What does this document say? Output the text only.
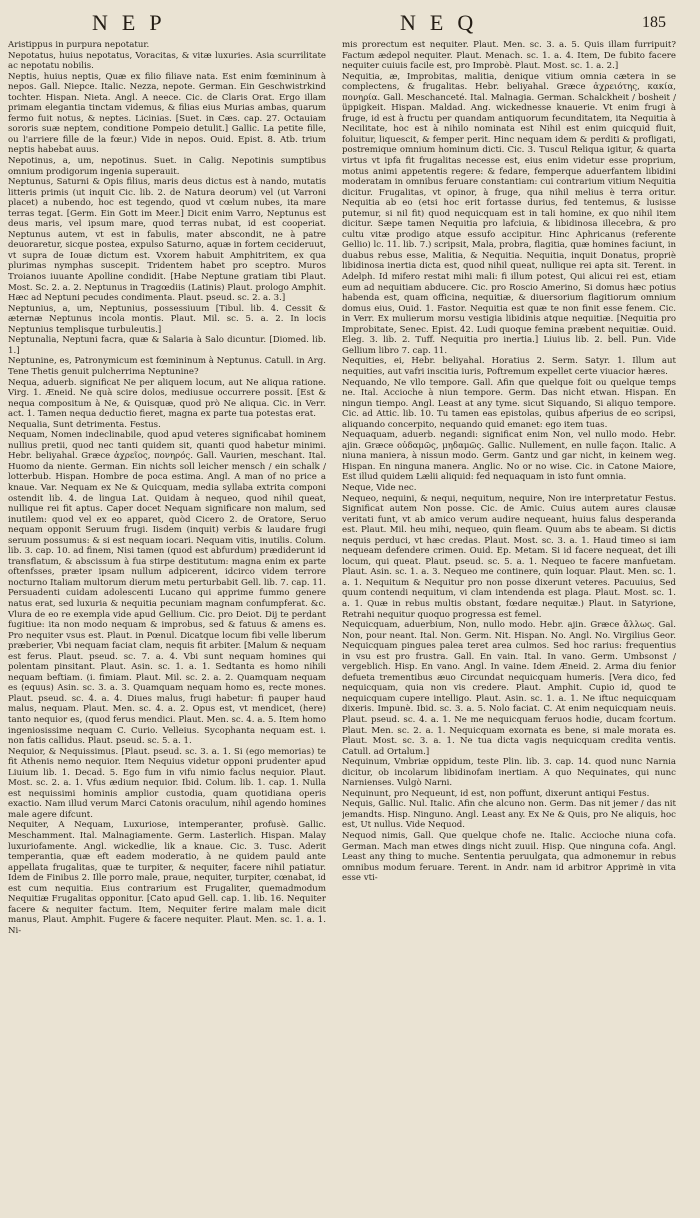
NEP	NEQ	185

Aristippus in purpura nepotatur.

Nepotatus, huius nepotatus, Voracitas, & vitæ luxuries. Asia scurrilitate ac nepotatu nobilis.

Neptis, huius neptis, Quæ ex filio filiave nata. Est enim fœmininum à nepos. Gall. Niepce. Italic. Nezza, nepote. German. Ein Geschwistrkind tochter. Hispan. Nieta. Angl. A neece. Cic. de Claris Orat. Ergo illam primam elegantia tinctam videmus, & filias eius Murias ambas, quarum fermo fuit notus, & neptes. Licinias. [Suet. in Cæs. cap. 27. Octauiam sororis suæ neptem, conditione Pompeio detulit.] Gallic. La petite fille, ou l'arriere fille de la fœur.) Vide in nepos. Ouid. Epist. 8. Atb. trium neptis habebat auus.

Nepotinus, a, um, nepotinus. Suet. in Calig. Nepotinis sumptibus omnium prodigorum ingenia superauit.

Neptunus, Saturni & Opis filius, maris deus dictus est à nando, mutatis litteris primis (ut inquit Cic. lib. 2. de Natura deorum) vel (ut Varroni placet) a nubendo, hoc est tegendo, quod vt cœlum nubes, ita mare terras tegat. [Germ. Ein Gott im Meer.] Dicit enim Varro, Neptunus est deus maris, vel ipsum mare, quod terras nubat, id est cooperiat. Neptunus autem, vt est in fabulis, mater abscondit, ne à patre deuoraretur, sicque postea, expulso Saturno, aquæ in fortem cecideruut, vt supra de Iouæ dictum est. Vxorem habuit Amphitritem, ex qua plurimas nymphas suscepit. Tridentem habet pro sceptro. Muros Troianos iuuante Apolline condidit. [Habe Neptune gratiam tibi Plaut. Most. Sc. 2. a. 2. Neptunus in Tragœdiis (Latinis) Plaut. prologo Amphit. Hæc ad Neptuni pecudes condimenta. Plaut. pseud. sc. 2. a. 3.]

Neptunius, a, um, Neptunius, possessiuum [Tibul. lib. 4. Cessit & æternæ Neptunus incola montis. Plaut. Mil. sc. 5. a. 2. In locis Neptunius templisque turbuleutis.]

Neptunalia, Neptuni facra, quæ & Salaria à Salo dicuntur. [Diomed. lib. 1.]

Neptunine, es, Patronymicum est fœmininum à Neptunus. Catull. in Arg. Tene Thetis genuit pulcherrima Neptunine?

Nequa, aduerb. significat Ne per aliquem locum, aut Ne aliqua ratione. Virg. 1. Æneid. Ne quà scire dolos, mediusue occurrere possit. [Est & nequa compositum à Ne, & Quisquæ, quod prò Ne aliqua. Cic. in Verr. act. 1. Tamen nequa deductio fieret, magna ex parte tua potestas erat.

Nequalia, Sunt detrimenta. Festus.

Nequam, Nomen indeclinabile, quod apud veteres significabat hominem nullius pretii, quod nec tanti quidem sit, quanti quod habetur minimi. Hebr. beliyahal. Græce ἀχρεῖος, πονηρός. Gall. Vaurien, meschant. Ital. Huomo da niente. German. Ein nichts soll leicher mensch / ein schalk / lotterbub. Hispan. Hombre de poca estima. Angl. A man of no price a knaue. Var. Nequam ex Ne & Quicquam, media syllaba extrita componi ostendit lib. 4. de lingua Lat. Quidam à nequeo, quod nihil queat, nullique rei fit aptus. Caper docet Nequam significare non malum, sed inutilem: quod vel ex eo apparet, quòd Cicero 2. de Oratore, Seruo nequam opponit Seruum frugi. Iisdem (inquit) verbis & laudare frugi seruum possumus: & si est nequam iocari. Nequam vitis, inutilis. Colum. lib. 3. cap. 10. ad finem, Nisi tamen (quod est abfurdum) prædiderunt id transflatum, & abscissum à fua stirpe destitutum: magna enim ex parte oftenfsses, præter ipsam nullum adpicerent, idcirco videm terrore nocturno Italiam multorum dierum metu perturbabit Gell. lib. 7. cap. 11. Persuadenti cuidam adolescenti Lucano qui apprime fummo genere natus erat, sed luxuria & nequitia pecuniam magnam confumpferat. &c. Vlura de eo re exempla vide apud Gellium. Cic. pro Deiot. Dij te perdant fugitiue: ita non modo nequam & improbus, sed & fatuus & amens es. Pro nequiter vsus est. Plaut. in Pœnul. Dicatque locum fibi velle liberum præberier, Vbi nequam faciat clam, nequis fit arbiter. [Malum & nequam est ferus. Plaut. pseud. sc. 7. a. 4. Vbi sunt nequam homines qui polentam pinsitant. Plaut. Asin. sc. 1. a. 1. Sedtanta es homo nihili nequam beftiam. (i. fimiam. Plaut. Mil. sc. 2. a. 2. Quamquam nequam es (equus) Asin. sc. 3. a. 3. Quamquam nequam homo es, recte mones. Plaut. pseud. sc. 4. a. 4. Diues malus, frugi habetur: fi pauper haud malus, nequam. Plaut. Men. sc. 4. a. 2. Opus est, vt mendicet, (here) tanto nequior es, (quod ferus mendici. Plaut. Men. sc. 4. a. 5. Item homo ingeniosissime nequam C. Curio. Velleius. Sycophanta nequam est. i. non fatis callidus. Plaut. pseud. sc. 5. a. 1.

Nequior, & Nequissimus. [Plaut. pseud. sc. 3. a. 1. Si (ego memorias) te fit Athenis nemo nequior. Item Nequius videtur opponi prudenter apud Liuium lib. 1. Decad. 5. Ego fum in vifu nimio faclus nequior. Plaut. Most. sc. 2. a. 1. Vfus ædium nequior. Ibid. Colum. lib. 1. cap. 1. Nulla est nequissimi hominis amplior custodia, quam quotidiana operis exactio. Nam illud verum Marci Catonis oraculum, nihil agendo homines male agere difcunt.

Nequiter, A Nequam, Luxuriose, intemperanter, profusè. Gallic. Meschamment. Ital. Malnagiamente. Germ. Lasterlich. Hispan. Malay luxuriofamente. Angl. wickedlie, lik a knaue. Cic. 3. Tusc. Aderit temperantia, quæ eft eadem moderatio, à ne quidem pauld ante appellata frugalitas, quæ te turpiter, & nequiter, facere nihil patiatur. Idem de Finibus 2. Ille porro male, praue, nequiter, turpiter, cœnabat, id est cum nequitia. Eius contrarium est Frugaliter, quemadmodum Nequitiæ Frugalitas opponitur. [Cato apud Gell. cap. 1. lib. 16. Nequiter facere & nequiter factum. Item, Nequiter ferire malam male dicit manus, Plaut. Amphit. Fugere & facere nequiter. Plaut. Men. sc. 1. a. 1. Ni-

mis prorectum est nequiter. Plaut. Men. sc. 3. a. 5. Quis illam furripuit? Factum ædepol nequiter. Plaut. Menach. sc. 1. a. 4. Item, De fubito facere nequiter cuiuis facile est, pro Improbè. Plaut. Most. sc. 1. a. 2.]

Nequitia, æ, Improbitas, malitia, denique vitium omnia cætera in se complectens, & frugalitas. Hebr. beliyahal. Græce ἀχρειότης, κακία, πονηρία. Gall. Meschanceté. Ital. Malnagia. German. Schalckheit / bosheit / üppigkeit. Hispan. Maldad. Ang. wickednesse knauerie. Vt enim frugi à fruge, id est à fructu per quandam antiquorum fecunditatem, ita Nequitia à Necilitate, hoc est à nihilo nominata est Nihil est enim quicquid fluit, foluitur, liquescit, & femper perit. Hinc nequam idem & perditi & profligati, postremique omnium hominum dicti. Cic. 3. Tuscul Reliqua igitur, & quarta virtus vt ipfa fit frugalitas necesse est, eius enim videtur esse proprium, motus animi appetentis regere: & fedare, femperque aduerfantem libidini moderatam in omnibus feruare constantiam: cui contrarium vitium Nequitia dicitur. Frugalitas, vt opinor, à fruge, qua nihil melius è terra oritur. Nequitia ab eo (etsi hoc erit fortasse durius, fed tentemus, & lusisse putemur, si nil fit) quod nequicquam est in tali homine, ex quo nihil item dicitur. Sæpe tamen Nequitia pro lafciuia, & libidinosa illecebra, & pro cultu vitæ prodigo atque essufo accipitur. Hinc Aphricanus (referente Gellio) lc. 11. lib. 7.) scripsit, Mala, probra, flagitia, quæ homines faciunt, in duabus rebus esse, Malitia, & Nequitia. Nequitia, inquit Donatus, propriè libidinosa inertia dicta est, quod nihil queat, nullique rei apta sit. Terent. in Adelph. Id mifero restat mihi mali: fi illum potest, Qui alicui rei est, etiam eum ad nequitiam abducere. Cic. pro Roscio Amerino, Si domus hæc potius habenda est, quam officina, nequitiæ, & diuersorium flagitiorum omnium domus eius, Ouid. 1. Fastor. Nequitia est quæ te non finit esse fenem. Cic. in Verr. Ex mulierum morsu vestigia libidinis atque nequitiæ. [Nequitia pro Improbitate, Senec. Epist. 42. Ludi quoque femina præbent nequitiæ. Ouid. Eleg. 3. lib. 2. Tuff. Nequitia pro inertia.] Liuius lib. 2. bell. Pun. Vide Gellium libro 7. cap. 11.

Nequities, ei, Hebr. beliyahal. Horatius 2. Serm. Satyr. 1. Illum aut nequities, aut vafri inscitia iuris, Poftremum expellet certe viuacior hæres.

Nequando, Ne vllo tempore. Gall. Afin que quelque foit ou quelque temps ne. Ital. Accioche à niun tempore. Germ. Das nicht etwan. Hispan. En ningun tiempo. Angl. Least at any tyme. sicut Siquando, Si aliquo tempore. Cic. ad Attic. lib. 10. Tu tamen eas epistolas, quibus afperius de eo scripsi, aliquando concerpito, nequando quid emanet: ego item tuas.

Nequaquam, aduerb. negandi: significat enim Non, vel nullo modo. Hebr. ajin. Græce οὐδαμῶς, μηδαμῶς. Gallic. Nullement, en nulle façon. Italic. A niuna maniera, à nissun modo. Germ. Gantz und gar nicht, in keinem weg. Hispan. En ninguna manera. Anglic. No or no wise. Cic. in Catone Maiore, Est illud quidem Lælii aliquid: fed nequaquam in isto funt omnia.

Neque, Vide nec.

Nequeo, nequini, & nequi, nequitum, nequire, Non ire interpretatur Festus. Significat autem Non posse. Cic. de Amic. Cuius autem aures clausæ veritati funt, vt ab amico verum audire nequeant, huius falus desperanda est. Plaut. Mil. heu mihi, nequeo, quin fleam. Quum abs te abeam. Si dictis nequis perduci, vt hæc credas. Plaut. Most. sc. 3. a. 1. Haud timeo si iam nequeam defendere crimen. Ouid. Ep. Metam. Si id facere nequeat, det illi locum, qui queat. Plaut. pseud. sc. 5. a. 1. Nequeo te facere manfuetam. Plaut. Asin. sc. 1. a. 3. Nequeo me continere, quin loquar. Plaut. Men. sc. 1. a. 1. Nequitum & Nequitur pro non posse dixerunt veteres. Pacuuius, Sed quum contendi nequitum, vi clam intendenda est plaga. Plaut. Most. sc. 1. a. 1. Quæ in rebus multis obstant, fœdare nequitæ.) Plaut. in Satyrione, Retrahi nequitur quoquo progressa est femel.

Nequicquam, aduerbium, Non, nullo modo. Hebr. ajin. Græce ἄλλως. Gal. Non, pour neant. Ital. Non. Germ. Nit. Hispan. No. Angl. No. Virgilius Geor. Nequicquam pingues palea teret area culmos. Sed hoc rarius: frequentius in vsu est pro frustra. Gall. En vain. Ital. In vano. Germ. Umbsonst / vergeblich. Hisp. En vano. Angl. In vaine. Idem Æneid. 2. Arma diu fenior defueta trementibus æuo Circundat nequicquam humeris. [Vera dico, fed nequicquam, quia non vis credere. Plaut. Amphit. Cupio id, quod te nequicquam cupere intelligo. Plaut. Asin. sc. 1. a. 1. Ne iftuc nequicquam dixeris. Impunè. Ibid. sc. 3. a. 5. Nolo faciat. C. At enim nequicquam neuis. Plaut. pseud. sc. 4. a. 1. Ne me nequicquam feruos hodie, ducam fcortum. Plaut. Men. sc. 2. a. 1. Nequicquam exornata es bene, si male morata es. Plaut. Most. sc. 3. a. 1. Ne tua dicta vagis nequicquam credita ventis. Catull. ad Ortalum.]

Nequinum, Vmbriæ oppidum, teste Plin. lib. 3. cap. 14. quod nunc Narnia dicitur, ob incolarum libidinofam inertiam. A quo Nequinates, qui nunc Narnienses. Vulgò Narni.

Nequinunt, pro Nequeunt, id est, non poffunt, dixerunt antiqui Festus.

Nequis, Gallic. Nul. Italic. Afin che alcuno non. Germ. Das nit jemer / das nit jemandts. Hisp. Ninguno. Angl. Least any. Ex Ne & Quis, pro Ne aliquis, hoc est, Ut nullus. Vide Nequod.

Nequod nimis, Gall. Que quelque chofe ne. Italic. Accioche niuna cofa. German. Mach man etwes dings nicht zuuil. Hisp. Que ninguna cofa. Angl. Least any thing to muche. Sententia peruulgata, qua admonemur in rebus omnibus modum feruare. Terent. in Andr. nam id arbitror Apprimè in vita esse vti-
